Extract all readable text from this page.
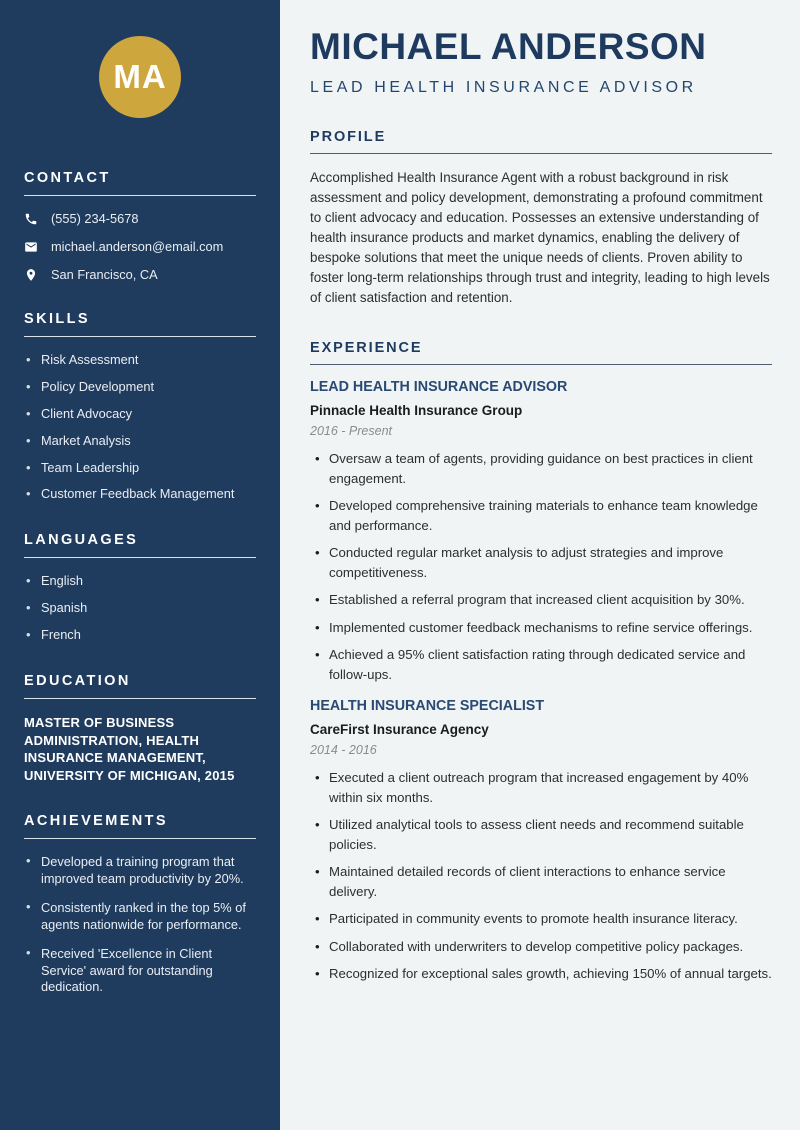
MA
CONTACT
(555) 234-5678
michael.anderson@email.com
San Francisco, CA
SKILLS
• Risk Assessment
• Policy Development
• Client Advocacy
• Market Analysis
• Team Leadership
• Customer Feedback Management
LANGUAGES
• English
• Spanish
• French
EDUCATION

MASTER OF BUSINESS ADMINISTRATION, HEALTH INSURANCE MANAGEMENT, UNIVERSITY OF MICHIGAN, 2015

ACHIEVEMENTS
• Developed a training program that improved team productivity by 20%.
• Consistently ranked in the top 5% of agents nationwide for performance.
• Received 'Excellence in Client Service' award for outstanding dedication.
MICHAEL ANDERSON
LEAD HEALTH INSURANCE ADVISOR
PROFILE

Accomplished Health Insurance Agent with a robust background in risk assessment and policy development, demonstrating a profound commitment to client advocacy and education. Possesses an extensive understanding of health insurance products and market dynamics, enabling the delivery of bespoke solutions that meet the unique needs of clients. Proven ability to foster long-term relationships through trust and integrity, leading to high levels of client satisfaction and retention.

EXPERIENCE
LEAD HEALTH INSURANCE ADVISOR
Pinnacle Health Insurance Group
2016 - Present
• Oversaw a team of agents, providing guidance on best practices in client engagement.
• Developed comprehensive training materials to enhance team knowledge and performance.
• Conducted regular market analysis to adjust strategies and improve competitiveness.
• Established a referral program that increased client acquisition by 30%.
• Implemented customer feedback mechanisms to refine service offerings.
• Achieved a 95% client satisfaction rating through dedicated service and follow-ups.
HEALTH INSURANCE SPECIALIST
CareFirst Insurance Agency
2014 - 2016
• Executed a client outreach program that increased engagement by 40% within six months.
• Utilized analytical tools to assess client needs and recommend suitable policies.
• Maintained detailed records of client interactions to enhance service delivery.
• Participated in community events to promote health insurance literacy.
• Collaborated with underwriters to develop competitive policy packages.
• Recognized for exceptional sales growth, achieving 150% of annual targets.
